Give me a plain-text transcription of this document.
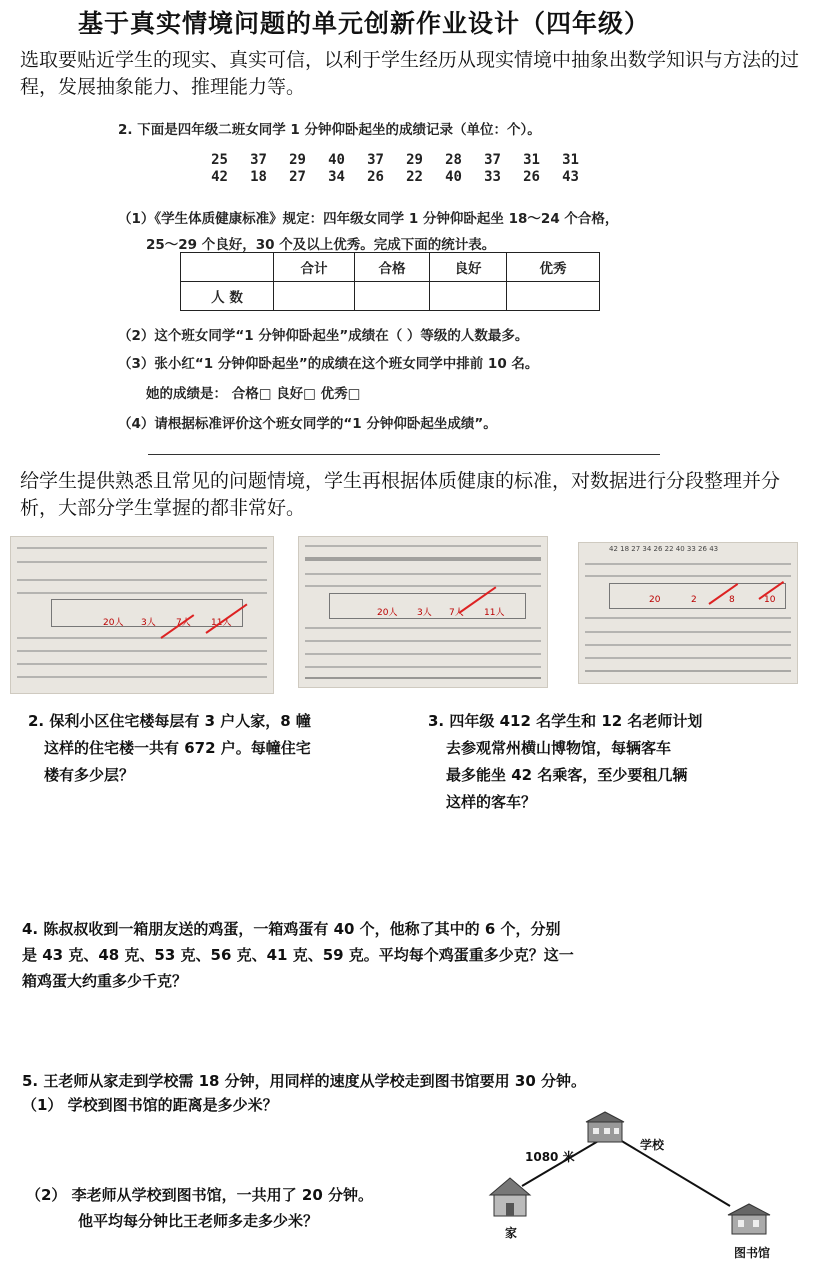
基于真实情境问题的单元创新作业设计（四年级）
选取要贴近学生的现实、真实可信，以利于学生经历从现实情境中抽象出数学知识与方法的过程，发展抽象能力、推理能力等。
2. 下面是四年级二班女同学 1 分钟仰卧起坐的成绩记录（单位：个）。
25 37 29 40 37 29 28 37 31 31
42 18 27 34 26 22 40 33 26 43
（1）《学生体质健康标准》规定：四年级女同学 1 分钟仰卧起坐 18～24 个合格，
25～29 个良好，30 个及以上优秀。完成下面的统计表。
	合计	合格	良好	优秀
人 数				
（2）这个班女同学“1 分钟仰卧起坐”成绩在（ ）等级的人数最多。
（3）张小红“1 分钟仰卧起坐”的成绩在这个班女同学中排前 10 名。
她的成绩是： 合格□ 良好□ 优秀□
（4）请根据标准评价这个班女同学的“1 分钟仰卧起坐成绩”。
给学生提供熟悉且常见的问题情境，学生再根据体质健康的标准，对数据进行分段整理并分析，大部分学生掌握的都非常好。
20人 3人 7人 11人
20人 3人 7人 11人
42 18 27 34 26 22 40 33 26 43
20	2	8	10
2. 保利小区住宅楼每层有 3 户人家，8 幢
这样的住宅楼一共有 672 户。每幢住宅
楼有多少层？
3. 四年级 412 名学生和 12 名老师计划
去参观常州横山博物馆，每辆客车
最多能坐 42 名乘客，至少要租几辆
这样的客车？
4. 陈叔叔收到一箱朋友送的鸡蛋，一箱鸡蛋有 40 个，他称了其中的 6 个，分别
是 43 克、48 克、53 克、56 克、41 克、59 克。平均每个鸡蛋重多少克？这一
箱鸡蛋大约重多少千克？
5. 王老师从家走到学校需 18 分钟，用同样的速度从学校走到图书馆要用 30 分钟。
（1） 学校到图书馆的距离是多少米？
（2） 李老师从学校到图书馆，一共用了 20 分钟。
他平均每分钟比王老师多走多少米？
1080 米
学校
家
图书馆
